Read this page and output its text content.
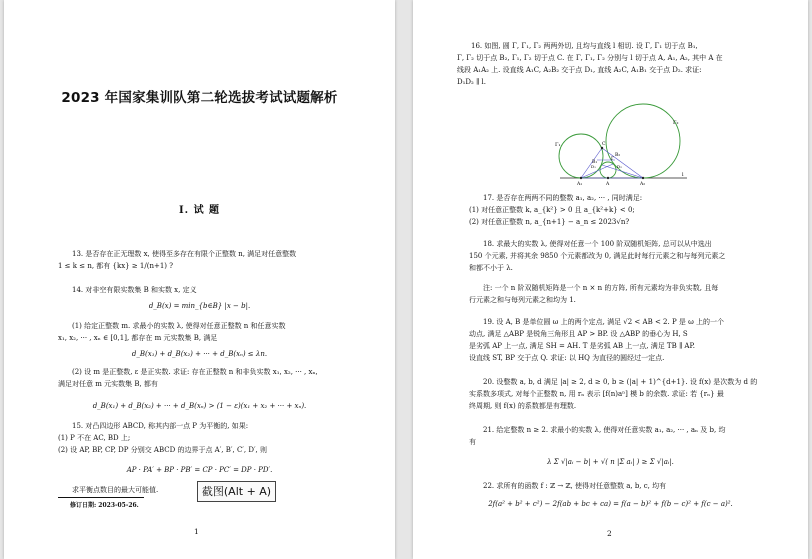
2023 年国家集训队第二轮选拔考试试题解析
I. 试 题
13. 是否存在正无理数 x, 使得至多存在有限个正整数 n, 满足对任意整数
1 ≤ k ≤ n, 都有 {kx} ≥ 1/(n+1) ?
14. 对非空有限实数集 B 和实数 x, 定义
d_B(x) = min_{b∈B} |x − b|.
(1) 给定正整数 m. 求最小的实数 λ, 使得对任意正整数 n 和任意实数
x₁, x₂, ··· , xₙ ∈ [0,1], 都存在 m 元实数集 B, 满足
d_B(x₁) + d_B(x₂) + ··· + d_B(xₙ) ≤ λn.
(2) 设 m 是正整数, ε 是正实数. 求证: 存在正整数 n 和非负实数 x₁, x₂, ··· , xₙ,
满足对任意 m 元实数集 B, 都有
d_B(x₁) + d_B(x₂) + ··· + d_B(xₙ) > (1 − ε)(x₁ + x₂ + ··· + xₙ).
15. 对凸四边形 ABCD, 称其内部一点 P 为平衡的, 如果:
(1) P 不在 AC, BD 上;
(2) 设 AP, BP, CP, DP 分别交 ABCD 的边界于点 A′, B′, C′, D′, 则
AP · PA′ + BP · PB′ = CP · PC′ = DP · PD′.
求平衡点数目的最大可能值.
修订日期: 2023-05-26.
1
16. 如图, 圆 Γ, Γ₁, Γ₂ 两两外切, 且均与直线 l 相切. 设 Γ, Γ₁ 切于点 B₁,
Γ, Γ₂ 切于点 B₂, Γ₁, Γ₂ 切于点 C. 在 Γ, Γ₁, Γ₂ 分别与 l 切于点 A, A₁, A₂, 其中 A 在
线段 A₁A₂ 上. 设直线 A₁C, A₂B₂ 交于点 D₁, 直线 A₂C, A₁B₁ 交于点 D₂. 求证:
D₁D₂ ∥ l.
Γ₁
Γ₂
Γ
l
A₁	A	A₂
B₁
B₂
C
D₁	D₂
17. 是否存在两两不同的整数 a₁, a₂, ··· , 同时满足:
(1) 对任意正整数 k, a_{k²} > 0 且 a_{k²+k} < 0;
(2) 对任意正整数 n, a_{n+1} − a_n ≤ 2023√n?
18. 求最大的实数 λ, 使得对任意一个 100 阶双随机矩阵, 总可以从中选出
150 个元素, 并将其余 9850 个元素都改为 0, 满足此时每行元素之和与每列元素之
和都不小于 λ.
注: 一个 n 阶双随机矩阵是一个 n × n 的方阵, 所有元素均为非负实数, 且每
行元素之和与每列元素之和均为 1.
19. 设 A, B 是单位圆 ω 上的两个定点, 满足 √2 < AB < 2. P 是 ω 上的一个
动点, 满足 △ABP 是锐角三角形且 AP > BP. 设 △ABP 的垂心为 H, S
是劣弧 AP 上一点, 满足 SH = AH. T 是劣弧 AB 上一点, 满足 TB ∥ AP.
设直线 ST, BP 交于点 Q. 求证: 以 HQ 为直径的圆经过一定点.
20. 设整数 a, b, d 满足 |a| ≥ 2, d ≥ 0, b ≥ (|a| + 1)^{d+1}. 设 f(x) 是次数为 d 的
实系数多项式, 对每个正整数 n, 用 rₙ 表示 [f(n)aⁿ] 模 b 的余数. 求证: 若 {rₙ} 最
终周期, 则 f(x) 的系数都是有理数.
21. 给定整数 n ≥ 2. 求最小的实数 λ, 使得对任意实数 a₁, a₂, ··· , aₙ 及 b, 均
有
λ Σ √|aᵢ − b| + √( n |Σ aᵢ| ) ≥ Σ √|aᵢ|.
22. 求所有的函数 f : ℤ → ℤ, 使得对任意整数 a, b, c, 均有
2f(a² + b² + c²) − 2f(ab + bc + ca) = f(a − b)² + f(b − c)² + f(c − a)².
2
截图(Alt + A)
